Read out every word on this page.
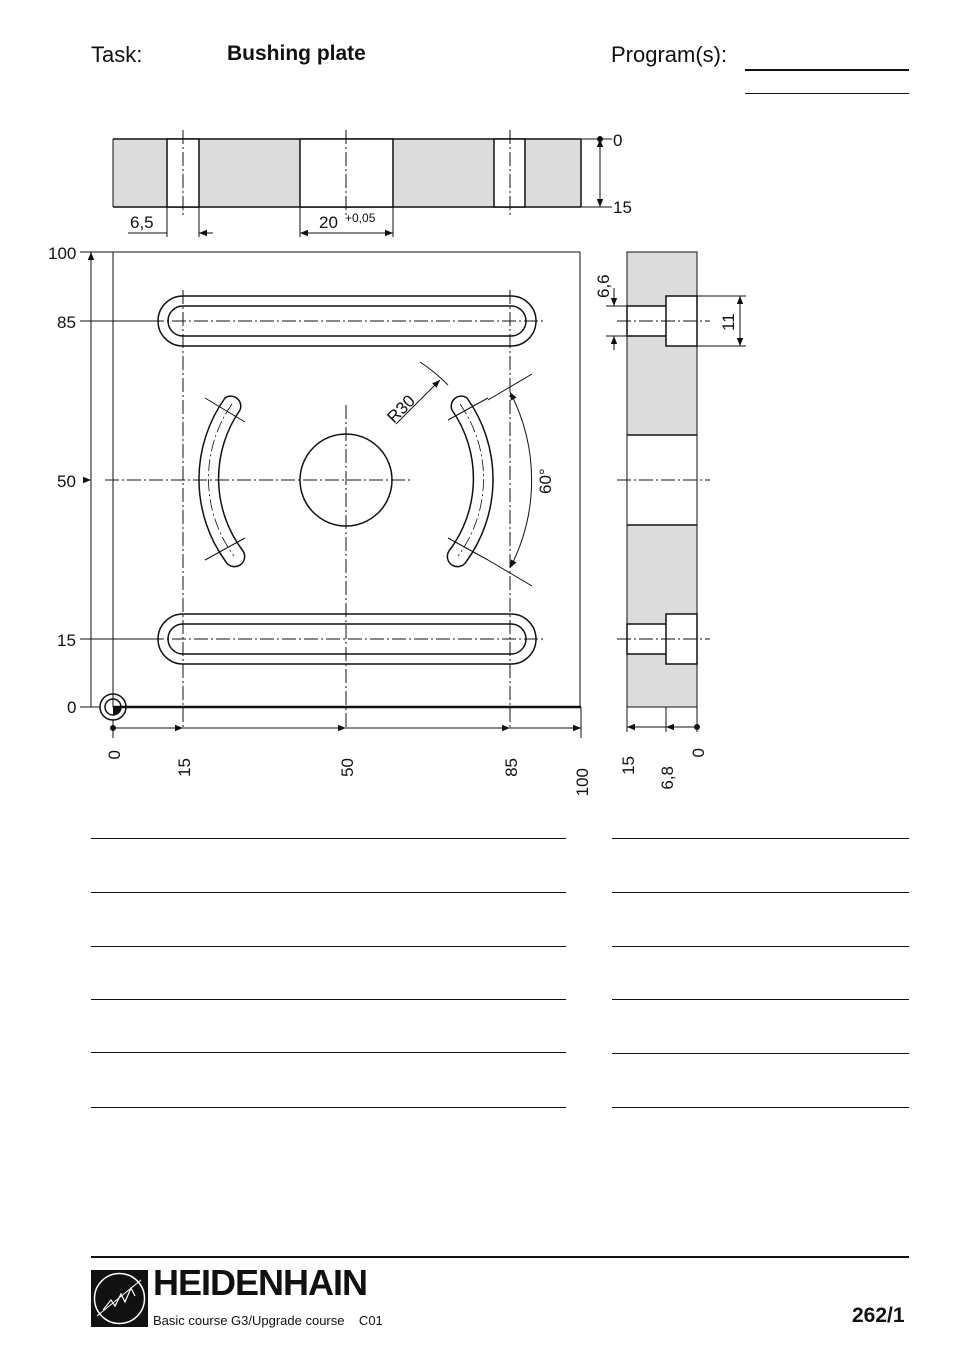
Task:	Bushing plate	Program(s):
0
15
6,5	20 +0,05
100
85
50
15
0
0
15	50	85
100
R30
60°
6,6
11
15
6,8
0
HEIDENHAIN
Basic course G3/Upgrade course    C01	262/1
